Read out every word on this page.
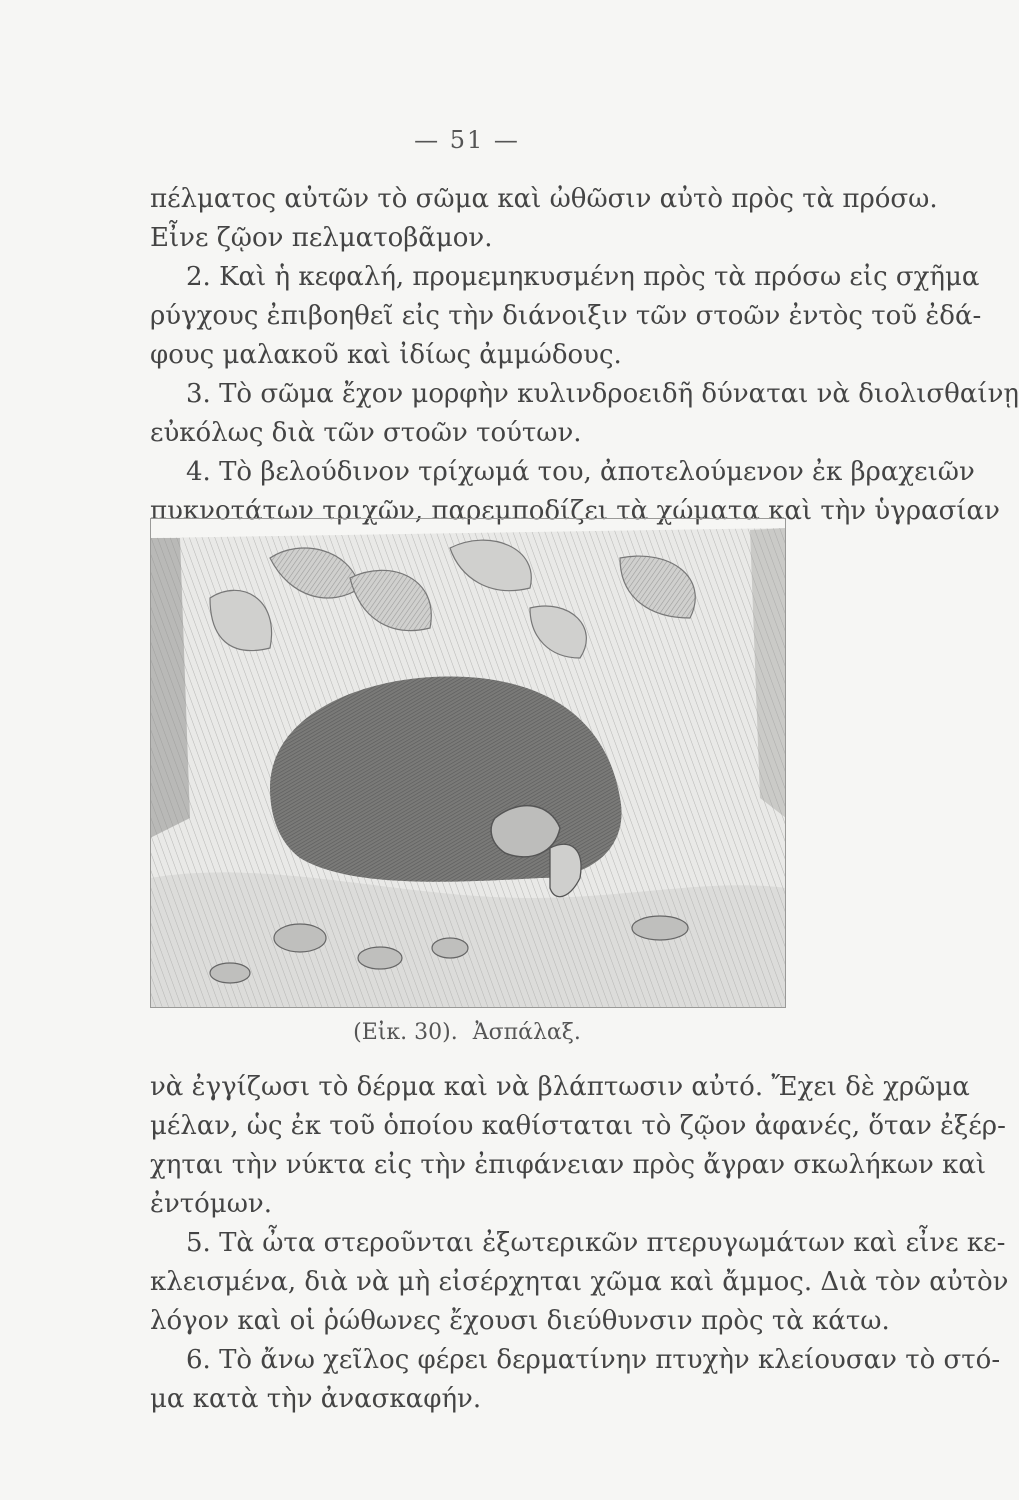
— 51 —
πέλματος αὐτῶν τὸ σῶμα καὶ ὠθῶσιν αὐτὸ πρὸς τὰ πρόσω.
Εἶνε ζῷον πελματοβᾶμον.
2. Καὶ ἡ κεφαλή, προμεμηκυσμένη πρὸς τὰ πρόσω εἰς σχῆμα
ρύγχους ἐπιβοηθεῖ εἰς τὴν διάνοιξιν τῶν στοῶν ἐντὸς τοῦ ἐδά-
φους μαλακοῦ καὶ ἰδίως ἀμμώδους.
3. Τὸ σῶμα ἔχον μορφὴν κυλινδροειδῆ δύναται νὰ διολισθαίνῃ
εὐκόλως διὰ τῶν στοῶν τούτων.
4. Τὸ βελούδινον τρίχωμά του, ἀποτελούμενον ἐκ βραχειῶν
πυκνοτάτων τριχῶν, παρεμποδίζει τὰ χώματα καὶ τὴν ὑγρασίαν
(Εἰκ. 30). Ἀσπάλαξ.
νὰ ἐγγίζωσι τὸ δέρμα καὶ νὰ βλάπτωσιν αὐτό. Ἔχει δὲ χρῶμα
μέλαν, ὡς ἐκ τοῦ ὁποίου καθίσταται τὸ ζῷον ἀφανές, ὅταν ἐξέρ-
χηται τὴν νύκτα εἰς τὴν ἐπιφάνειαν πρὸς ἄγραν σκωλήκων καὶ
ἐντόμων.
5. Τὰ ὦτα στεροῦνται ἐξωτερικῶν πτερυγωμάτων καὶ εἶνε κε-
κλεισμένα, διὰ νὰ μὴ εἰσέρχηται χῶμα καὶ ἄμμος. Διὰ τὸν αὐτὸν
λόγον καὶ οἱ ῥώθωνες ἔχουσι διεύθυνσιν πρὸς τὰ κάτω.
6. Τὸ ἄνω χεῖλος φέρει δερματίνην πτυχὴν κλείουσαν τὸ στό-
μα κατὰ τὴν ἀνασκαφήν.
